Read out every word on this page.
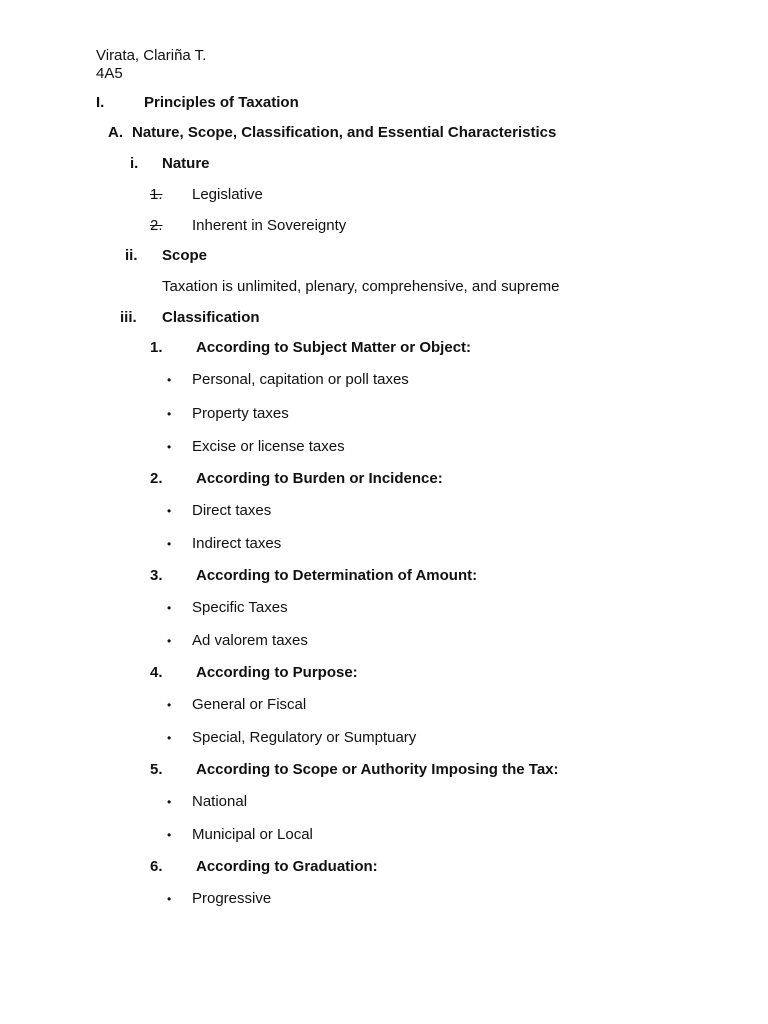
Virata, Clariña T.
4A5
I.	Principles of Taxation
A. Nature, Scope, Classification, and Essential Characteristics
i. Nature
1. Legislative
2. Inherent in Sovereignty
ii. Scope
Taxation is unlimited, plenary, comprehensive, and supreme
iii. Classification
1. According to Subject Matter or Object:
• Personal, capitation or poll taxes
• Property taxes
• Excise or license taxes
2. According to Burden or Incidence:
• Direct taxes
• Indirect taxes
3. According to Determination of Amount:
• Specific Taxes
• Ad valorem taxes
4. According to Purpose:
• General or Fiscal
• Special, Regulatory or Sumptuary
5. According to Scope or Authority Imposing the Tax:
• National
• Municipal or Local
6. According to Graduation:
• Progressive
